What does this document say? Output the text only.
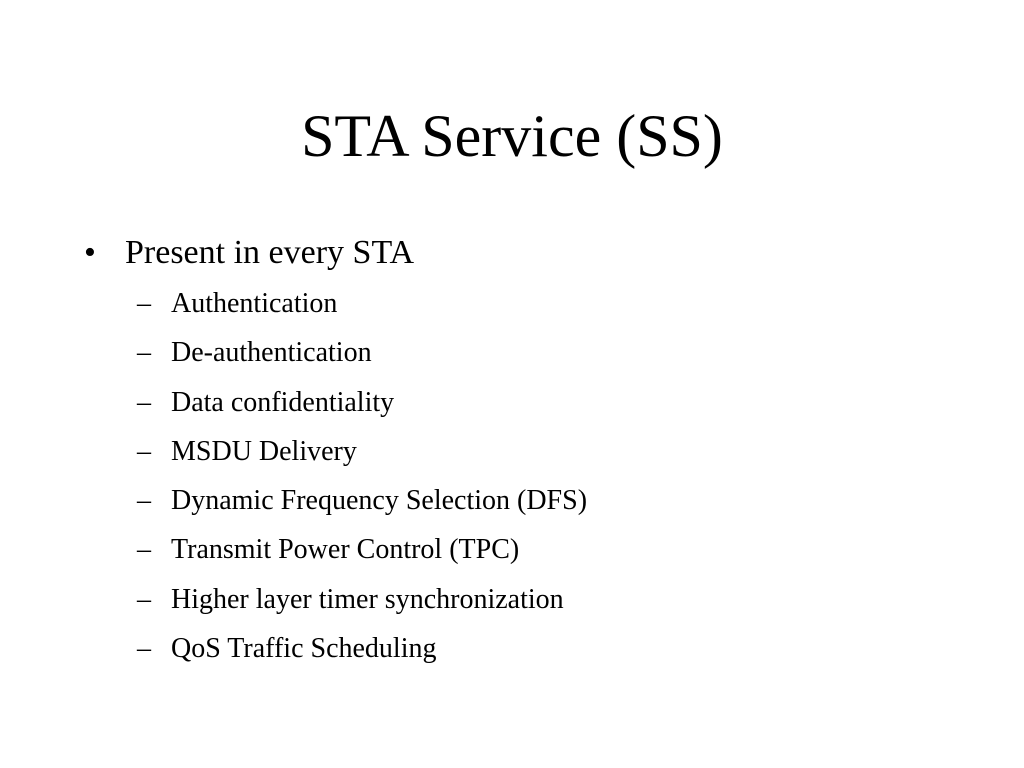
STA Service (SS)
• Present in every STA
– Authentication
– De-authentication
– Data confidentiality
– MSDU Delivery
– Dynamic Frequency Selection (DFS)
– Transmit Power Control (TPC)
– Higher layer timer synchronization
– QoS Traffic Scheduling
